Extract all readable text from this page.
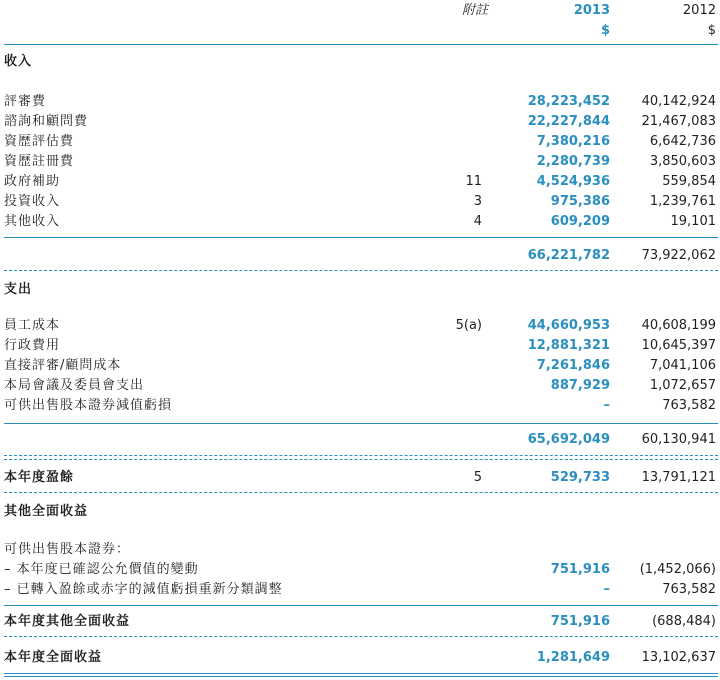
附註	2013	2012
$	$
收入
評審費	28,223,452 40,142,924
諮詢和顧問費	22,227,844 21,467,083
資歷評估費	7,380,216	6,642,736
資歷註冊費	2,280,739	3,850,603
政府補助	11	4,524,936	559,854
投資收入	3	975,386	1,239,761
其他收入	4	609,209	19,101
66,221,782 73,922,062
支出
員工成本	5(a)	44,660,953 40,608,199
行政費用	12,881,321 10,645,397
直接評審/顧問成本	7,261,846	7,041,106
本局會議及委員會支出	887,929	1,072,657
可供出售股本證券減值虧損	–	763,582
65,692,049 60,130,941
本年度盈餘	5	529,733 13,791,121
其他全面收益
可供出售股本證券：
– 本年度已確認公允價值的變動	751,916 (1,452,066)
– 已轉入盈餘或赤字的減值虧損重新分類調整	–	763,582
本年度其他全面收益	751,916	(688,484)
本年度全面收益	1,281,649 13,102,637
